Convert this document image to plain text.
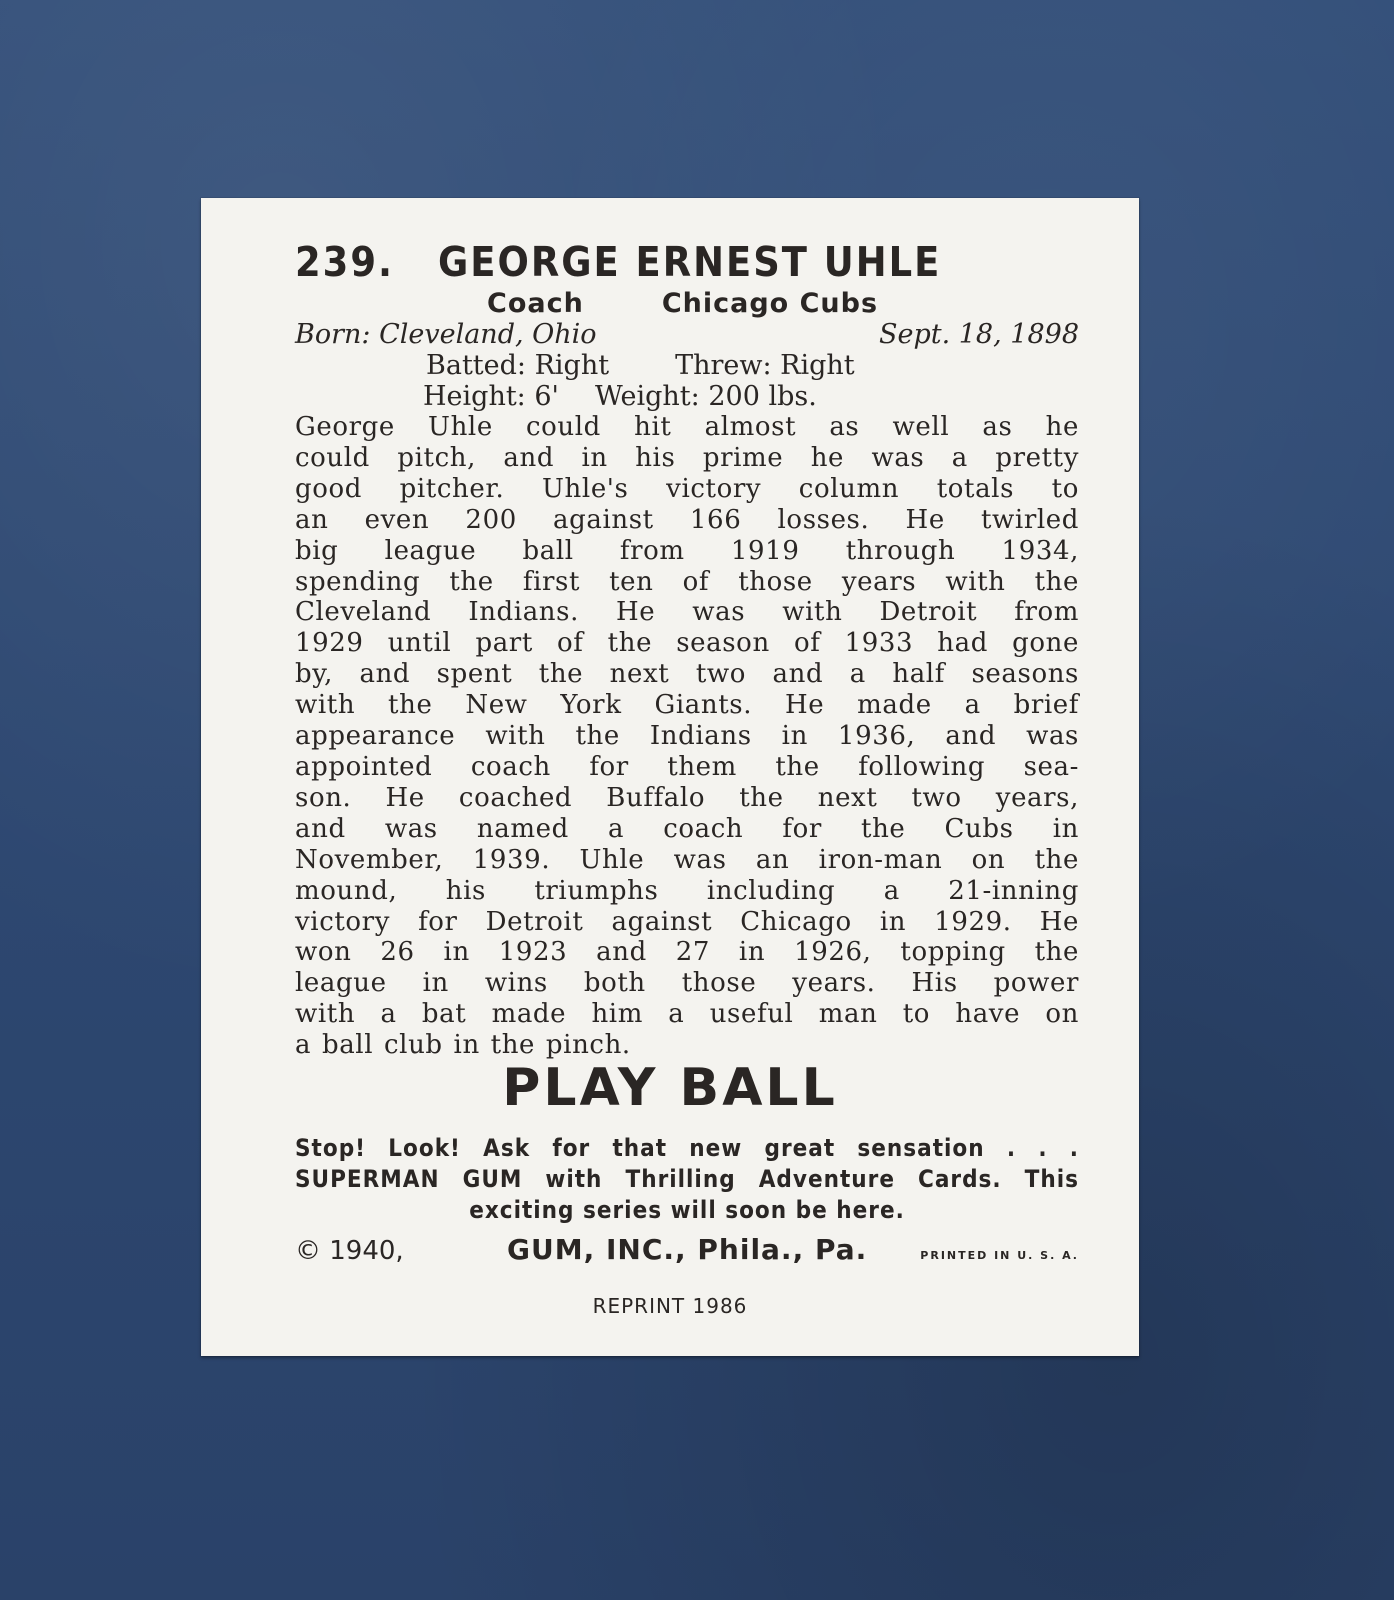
239. GEORGE ERNEST UHLE
Coach	Chicago Cubs
Born: Cleveland, Ohio	Sept. 18, 1898
Batted: Right Threw: Right
Height: 6' Weight: 200 lbs.
George Uhle could hit almost as well as he
could pitch, and in his prime he was a pretty
good pitcher. Uhle's victory column totals to
an even 200 against 166 losses. He twirled
big league ball from 1919 through 1934,
spending the first ten of those years with the
Cleveland Indians. He was with Detroit from
1929 until part of the season of 1933 had gone
by, and spent the next two and a half seasons
with the New York Giants. He made a brief
appearance with the Indians in 1936, and was
appointed coach for them the following sea-
son. He coached Buffalo the next two years,
and was named a coach for the Cubs in
November, 1939. Uhle was an iron-man on the
mound, his triumphs including a 21-inning
victory for Detroit against Chicago in 1929. He
won 26 in 1923 and 27 in 1926, topping the
league in wins both those years. His power
with a bat made him a useful man to have on
a ball club in the pinch.
PLAY BALL
Stop! Look! Ask for that new great sensation . . .
SUPERMAN GUM with Thrilling Adventure Cards. This
exciting series will soon be here.
© 1940,	GUM, INC., Phila., Pa.	PRINTED IN U. S. A.
REPRINT 1986
